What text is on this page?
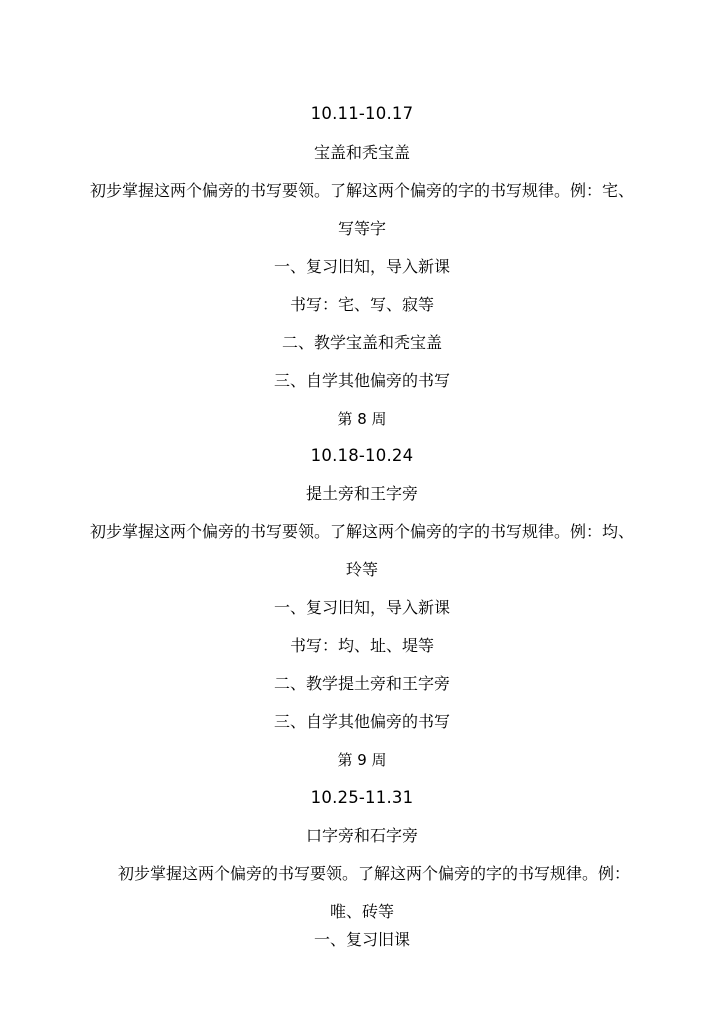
10.11-10.17
宝盖和秃宝盖
初步掌握这两个偏旁的书写要领。了解这两个偏旁的字的书写规律。例：宅、
写等字
一、复习旧知，导入新课
书写：宅、写、寂等
二、教学宝盖和秃宝盖
三、自学其他偏旁的书写
第 8 周
10.18-10.24
提土旁和王字旁
初步掌握这两个偏旁的书写要领。了解这两个偏旁的字的书写规律。例：均、
玲等
一、复习旧知，导入新课
书写：均、址、堤等
二、教学提土旁和王字旁
三、自学其他偏旁的书写
第 9 周
10.25-11.31
口字旁和石字旁
初步掌握这两个偏旁的书写要领。了解这两个偏旁的字的书写规律。例：
唯、砖等
一、复习旧课
